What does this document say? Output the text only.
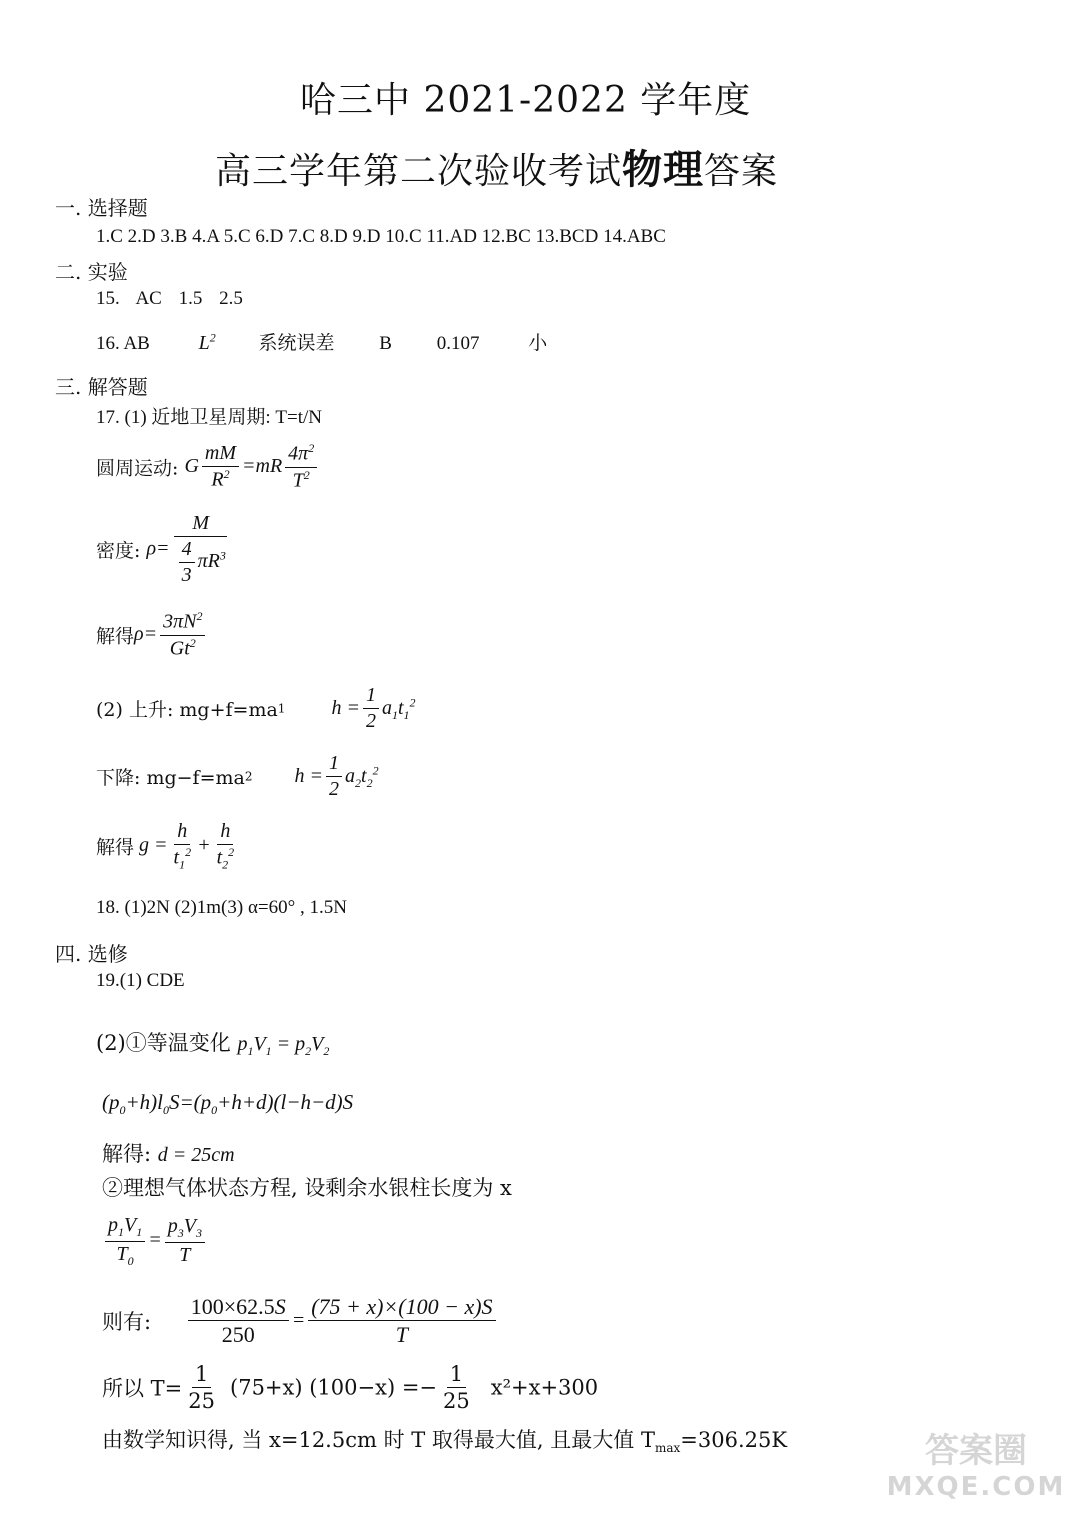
哈三中 2021-2022 学年度
高三学年第二次验收考试物理答案
一. 选择题
1.C 2.D 3.B 4.A 5.C 6.D 7.C 8.D 9.D 10.C 11.AD 12.BC 13.BCD 14.ABC
二. 实验
15. AC 1.5 2.5
16. AB $L^2$ 系统误差 B 0.107	小
三. 解答题
17. (1) 近地卫星周期: T=t/N
圆周运动: G $\frac{mM}{R^2} =mR \frac{4\pi^2}{T^2}$
密度: $\rho= \frac{M}{\frac{4}{3} \pi R^3}$
解得$\rho= \frac{3\pi N^2}{Gt^2}$
(2) 上升: mg+f=ma1 $h = \frac{1}{2} a_1t_1^2$
下降: mg−f=ma2 $h = \frac{1}{2} a_2t_2^2$
解得 $g = \frac{h}{t_1^2} + \frac{h}{t_2^2}$
18. (1)2N (2)1m(3) α=60° , 1.5N
四. 选修
19.(1) CDE
(2)①等温变化 $p_1V_1 = p_2V_2$
$(p_0+h)l_0S=(p_0+h+d)(l-h-d)S$
解得: d = 25cm
②理想气体状态方程, 设剩余水银柱长度为 x
$\frac{p_1V_1}{T_0} = \frac{p_3V_3}{T}$
则有: $\frac{100\times 62.5S}{250} = \frac{(75 + x)\times(100 - x)S}{T}$
所以 $T= \frac{1}{25} (75+x) (100-x) =- \frac{1}{25} x^2+x+300$
由数学知识得, 当 x=12.5cm 时 T 取得最大值, 且最大值 $T_{max}=306.25K$	答案圈
MXQE.COM
